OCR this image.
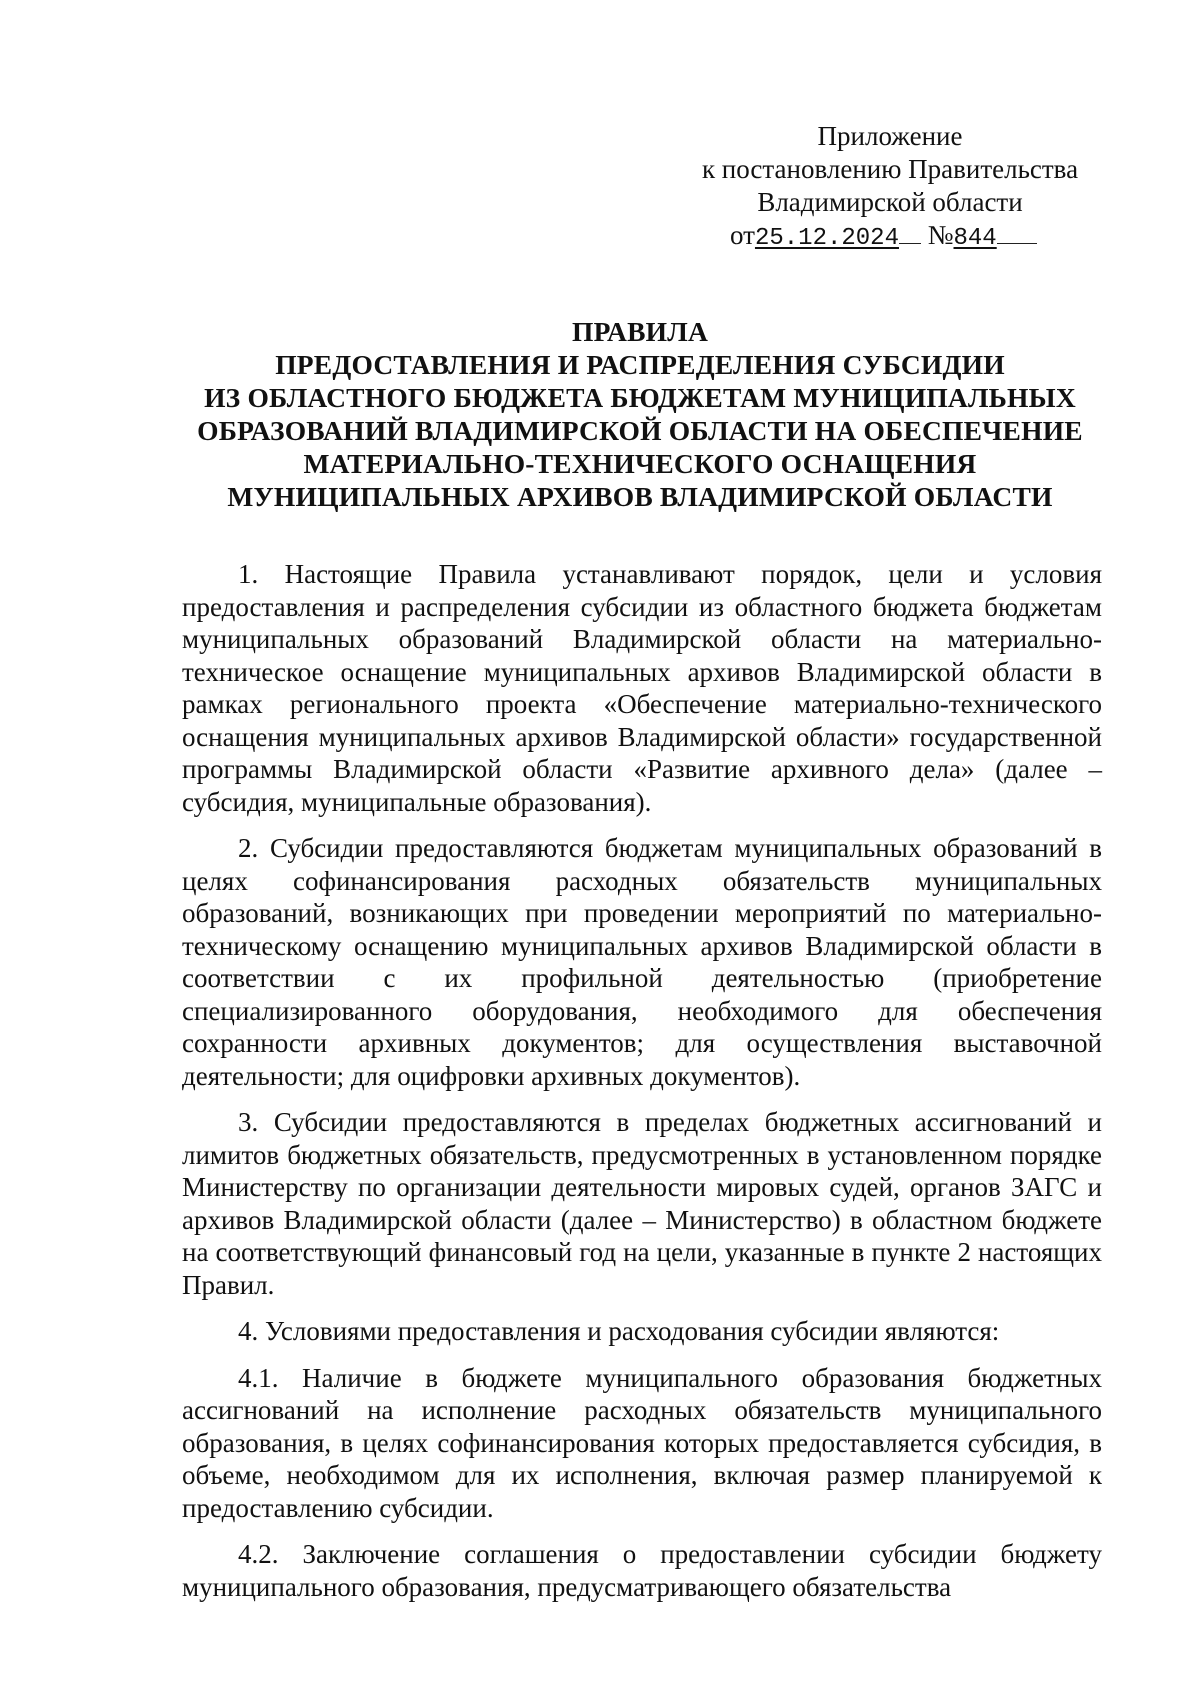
Приложение
к постановлению Правительства
Владимирской области
от25.12.2024 №844
ПРАВИЛА
ПРЕДОСТАВЛЕНИЯ И РАСПРЕДЕЛЕНИЯ СУБСИДИИ
ИЗ ОБЛАСТНОГО БЮДЖЕТА БЮДЖЕТАМ МУНИЦИПАЛЬНЫХ
ОБРАЗОВАНИЙ ВЛАДИМИРСКОЙ ОБЛАСТИ НА ОБЕСПЕЧЕНИЕ
МАТЕРИАЛЬНО-ТЕХНИЧЕСКОГО ОСНАЩЕНИЯ
МУНИЦИПАЛЬНЫХ АРХИВОВ ВЛАДИМИРСКОЙ ОБЛАСТИ

1. Настоящие Правила устанавливают порядок, цели и условия предоставления и распределения субсидии из областного бюджета бюджетам муниципальных образований Владимирской области на материально-техническое оснащение муниципальных архивов Владимирской области в рамках регионального проекта «Обеспечение материально-технического оснащения муниципальных архивов Владимирской области» государственной программы Владимирской области «Развитие архивного дела» (далее – субсидия, муниципальные образования).

2. Субсидии предоставляются бюджетам муниципальных образований в целях софинансирования расходных обязательств муниципальных образований, возникающих при проведении мероприятий по материально-техническому оснащению муниципальных архивов Владимирской области в соответствии с их профильной деятельностью (приобретение специализированного оборудования, необходимого для обеспечения сохранности архивных документов; для осуществления выставочной деятельности; для оцифровки архивных документов).

3. Субсидии предоставляются в пределах бюджетных ассигнований и лимитов бюджетных обязательств, предусмотренных в установленном порядке Министерству по организации деятельности мировых судей, органов ЗАГС и архивов Владимирской области (далее – Министерство) в областном бюджете на соответствующий финансовый год на цели, указанные в пункте 2 настоящих Правил.

4. Условиями предоставления и расходования субсидии являются:

4.1. Наличие в бюджете муниципального образования бюджетных ассигнований на исполнение расходных обязательств муниципального образования, в целях софинансирования которых предоставляется субсидия, в объеме, необходимом для их исполнения, включая размер планируемой к предоставлению субсидии.

4.2. Заключение соглашения о предоставлении субсидии бюджету муниципального образования, предусматривающего обязательства
